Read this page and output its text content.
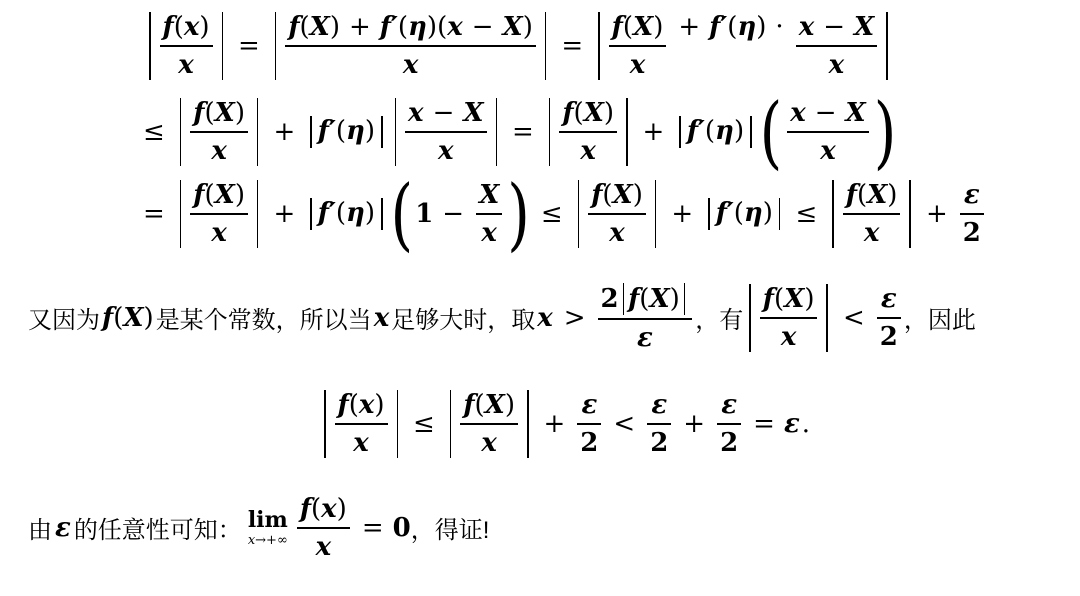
$\frac{f(x)}{x} = \frac{f(X) + f'(\eta)(x - X)}{x} = \frac{f(X)}{x} + f'(\eta) \cdot \frac{x - X}{x}$
≤ $\frac{f(X)}{x} + f'(\eta) \frac{x - X}{x} = \frac{f(X)}{x} + f'(\eta)$ ( $\frac{x - X}{x}$ )
= $\frac{f(X)}{x} + f'(\eta)$ ( $1 - \frac{X}{x}$ ) ≤ $\frac{f(X)}{x} + f'(\eta) \le \frac{f(X)}{x} + \frac{\varepsilon}{2}$
又因为 f(X) 是某个常数，所以当 x 足够大时，取 $x > \frac{2 f ( X )}{\varepsilon}$ ，有 $\frac{f(X)}{x} < \frac{\varepsilon}{2}$ ，因此
$\frac{f(x)}{x} \le \frac{f(X)}{x} + \frac{\varepsilon}{2} < \frac{\varepsilon}{2} + \frac{\varepsilon}{2} = \varepsilon$ .
由 ε 的任意性可知： lim
$x\to+\infty \frac{f(x)}{x} = 0$ ，得证!
